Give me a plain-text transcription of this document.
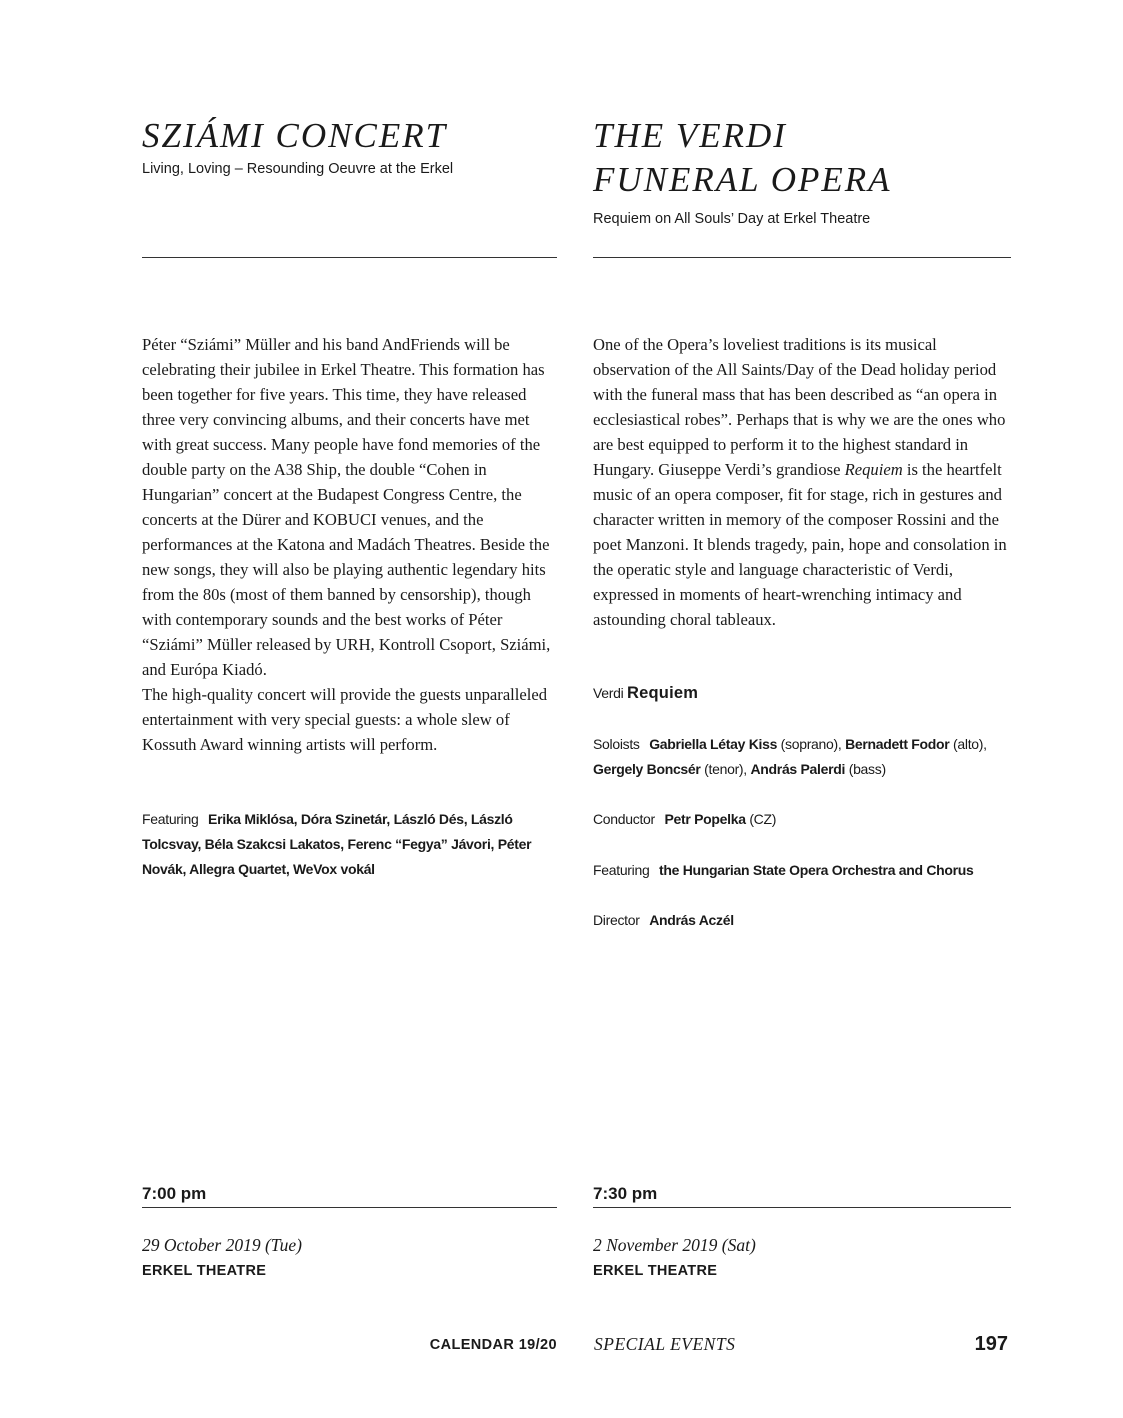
SZIÁMI CONCERT

Living, Loving – Resounding Oeuvre at the Erkel

Péter “Sziámi” Müller and his band AndFriends will be celebrating their jubilee in Erkel Theatre. This formation has been together for five years. This time, they have released three very convincing albums, and their concerts have met with great success. Many people have fond memories of the double party on the A38 Ship, the double “Cohen in Hungarian” concert at the Budapest Congress Centre, the concerts at the Dürer and KOBUCI venues, and the performances at the Katona and Madách Theatres. Beside the new songs, they will also be playing authentic legendary hits from the 80s (most of them banned by censorship), though with contemporary sounds and the best works of Péter “Sziámi” Müller released by URH, Kontroll Csoport, Sziámi, and Európa Kiadó.

The high-quality concert will provide the guests unparalleled entertainment with very special guests: a whole slew of Kossuth Award winning artists will perform.

Featuring Erika Miklósa, Dóra Szinetár, László Dés, László Tolcsvay, Béla Szakcsi Lakatos, Ferenc “Fegya” Jávori, Péter Novák, Allegra Quartet, WeVox vokál

7:00 pm

29 October 2019 (Tue)

ERKEL THEATRE

THE VERDI
FUNERAL OPERA

Requiem on All Souls’ Day at Erkel Theatre

One of the Opera’s loveliest traditions is its musical observation of the All Saints/Day of the Dead holiday period with the funeral mass that has been described as “an opera in ecclesiastical robes”. Perhaps that is why we are the ones who are best equipped to perform it to the highest standard in Hungary. Giuseppe Verdi’s grandiose Requiem is the heartfelt music of an opera composer, fit for stage, rich in gestures and character written in memory of the composer Rossini and the poet Manzoni. It blends tragedy, pain, hope and consolation in the operatic style and language characteristic of Verdi, expressed in moments of heart-wrenching intimacy and astounding choral tableaux.

Verdi Requiem

Soloists Gabriella Létay Kiss (soprano), Bernadett Fodor (alto),
Gergely Boncsér (tenor), András Palerdi (bass)

Conductor Petr Popelka (CZ)

Featuring the Hungarian State Opera Orchestra and Chorus

Director András Aczél

7:30 pm

2 November 2019 (Sat)

ERKEL THEATRE

CALENDAR 19/20 SPECIAL EVENTS	197
